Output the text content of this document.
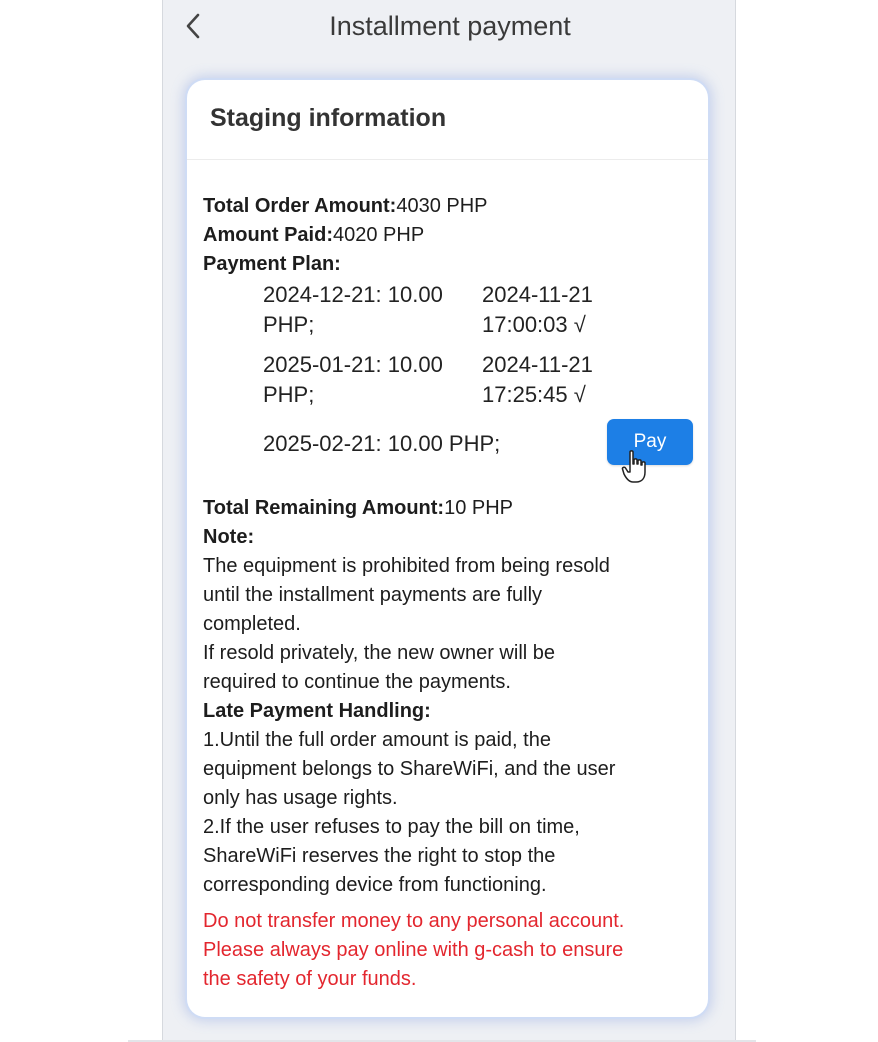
Installment payment
Staging information
Total Order Amount:4030 PHP
Amount Paid:4020 PHP
Payment Plan:
2024-12-21: 10.00
PHP;
2024-11-21
17:00:03 √
2025-01-21: 10.00
PHP;
2024-11-21
17:25:45 √
2025-02-21: 10.00 PHP;	Pay
Total Remaining Amount:10 PHP
Note:
The equipment is prohibited from being resold
until the installment payments are fully
completed.
If resold privately, the new owner will be
required to continue the payments.
Late Payment Handling:
1.Until the full order amount is paid, the
equipment belongs to ShareWiFi, and the user
only has usage rights.
2.If the user refuses to pay the bill on time,
ShareWiFi reserves the right to stop the
corresponding device from functioning.
Do not transfer money to any personal account.
Please always pay online with g-cash to ensure
the safety of your funds.
